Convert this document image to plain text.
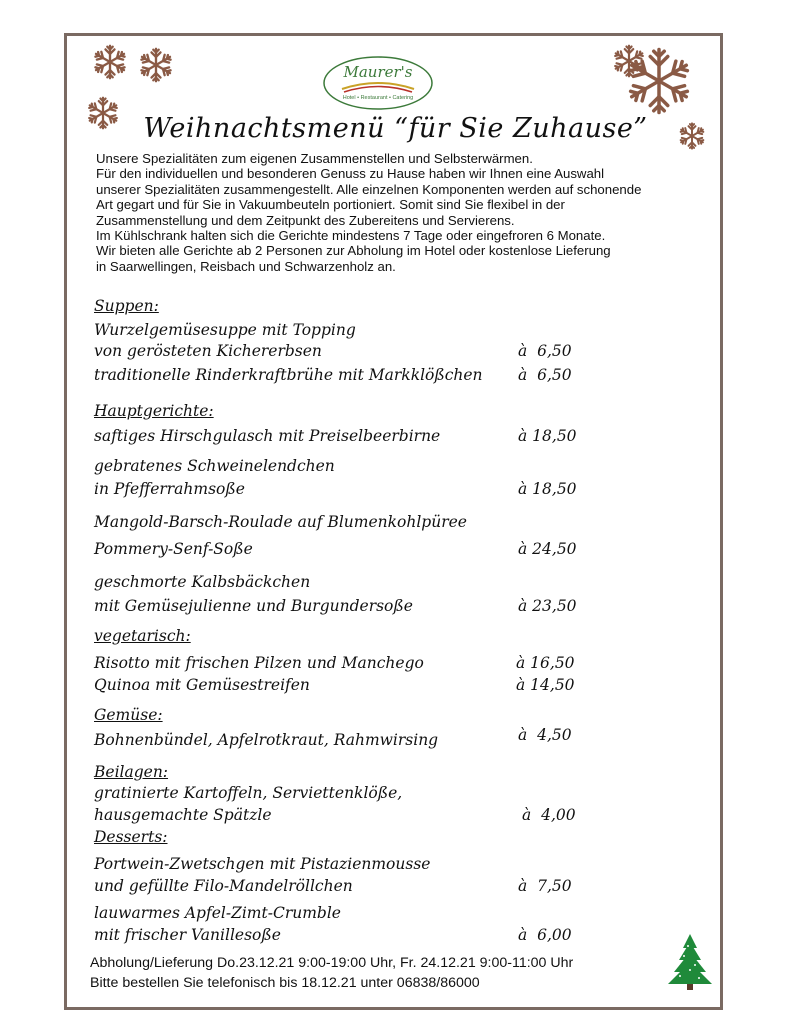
Maurer's
Hotel • Restaurant • Catering
Weihnachtsmenü “für Sie Zuhause”
Unsere Spezialitäten zum eigenen Zusammenstellen und Selbsterwärmen.
Für den individuellen und besonderen Genuss zu Hause haben wir Ihnen eine Auswahl
unserer Spezialitäten zusammengestellt. Alle einzelnen Komponenten werden auf schonende
Art gegart und für Sie in Vakuumbeuteln portioniert. Somit sind Sie flexibel in der
Zusammenstellung und dem Zeitpunkt des Zubereitens und Servierens.
Im Kühlschrank halten sich die Gerichte mindestens 7 Tage oder eingefroren 6 Monate.
Wir bieten alle Gerichte ab 2 Personen zur Abholung im Hotel oder kostenlose Lieferung
in Saarwellingen, Reisbach und Schwarzenholz an.
Suppen:
Wurzelgemüsesuppe mit Topping
von gerösteten Kichererbsen	à  6,50
traditionelle Rinderkraftbrühe mit Markklößchen à  6,50
Hauptgerichte:
saftiges Hirschgulasch mit Preiselbeerbirne	à 18,50
gebratenes Schweinelendchen
in Pfefferrahmsoße	à 18,50
Mangold-Barsch-Roulade auf Blumenkohlpüree
Pommery-Senf-Soße	à 24,50
geschmorte Kalbsbäckchen
mit Gemüsejulienne und Burgundersoße	à 23,50
vegetarisch:
Risotto mit frischen Pilzen und Manchego	à 16,50
Quinoa mit Gemüsestreifen	à 14,50
Gemüse:
Bohnenbündel, Apfelrotkraut, Rahmwirsing	à  4,50
Beilagen:
gratinierte Kartoffeln, Serviettenklöße,
hausgemachte Spätzle	à  4,00
Desserts:
Portwein-Zwetschgen mit Pistazienmousse
und gefüllte Filo-Mandelröllchen	à  7,50
lauwarmes Apfel-Zimt-Crumble
mit frischer Vanillesoße	à  6,00
Abholung/Lieferung Do.23.12.21 9:00-19:00 Uhr, Fr. 24.12.21 9:00-11:00 Uhr
Bitte bestellen Sie telefonisch bis 18.12.21 unter 06838/86000
